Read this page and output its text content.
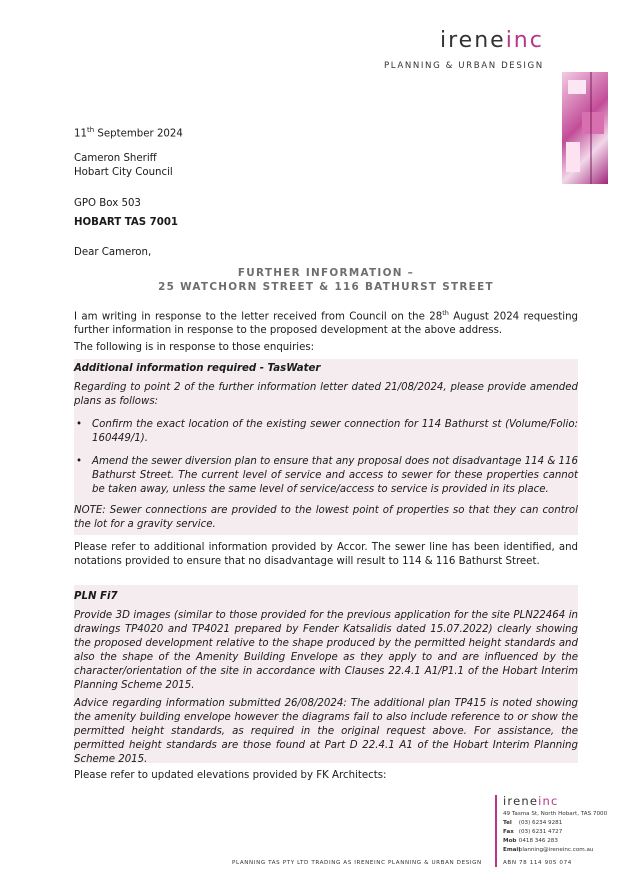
ireneinc
PLANNING & URBAN DESIGN
11th September 2024
Cameron Sheriff
Hobart City Council
GPO Box 503
HOBART TAS 7001
Dear Cameron,
FURTHER INFORMATION –
25 WATCHORN STREET & 116 BATHURST STREET
I am writing in response to the letter received from Council on the 28th August 2024 requesting further information in response to the proposed development at the above address.
The following is in response to those enquiries:
Additional information required - TasWater
Regarding to point 2 of the further information letter dated 21/08/2024, please provide amended plans as follows:
• Confirm the exact location of the existing sewer connection for 114 Bathurst st (Volume/Folio: 160449/1).
• Amend the sewer diversion plan to ensure that any proposal does not disadvantage 114 & 116 Bathurst Street. The current level of service and access to sewer for these properties cannot be taken away, unless the same level of service/access to service is provided in its place.
NOTE: Sewer connections are provided to the lowest point of properties so that they can control the lot for a gravity service.
Please refer to additional information provided by Accor. The sewer line has been identified, and notations provided to ensure that no disadvantage will result to 114 & 116 Bathurst Street.
PLN Fi7
Provide 3D images (similar to those provided for the previous application for the site PLN22464 in drawings TP4020 and TP4021 prepared by Fender Katsalidis dated 15.07.2022) clearly showing the proposed development relative to the shape produced by the permitted height standards and also the shape of the Amenity Building Envelope as they apply to and are influenced by the character/orientation of the site in accordance with Clauses 22.4.1 A1/P1.1 of the Hobart Interim Planning Scheme 2015.
Advice regarding information submitted 26/08/2024: The additional plan TP415 is noted showing the amenity building envelope however the diagrams fail to also include reference to or show the permitted height standards, as required in the original request above. For assistance, the permitted height standards are those found at Part D 22.4.1 A1 of the Hobart Interim Planning Scheme 2015.
Please refer to updated elevations provided by FK Architects:
ireneinc
49 Tasma St, North Hobart, TAS 7000
Tel (03) 6234 9281
Fax (03) 6231 4727
Mob 0418 346 283
Email planning@ireneinc.com.au
PLANNING TAS PTY LTD TRADING AS IRENEINC PLANNING & URBAN DESIGN	ABN 78 114 905 074
